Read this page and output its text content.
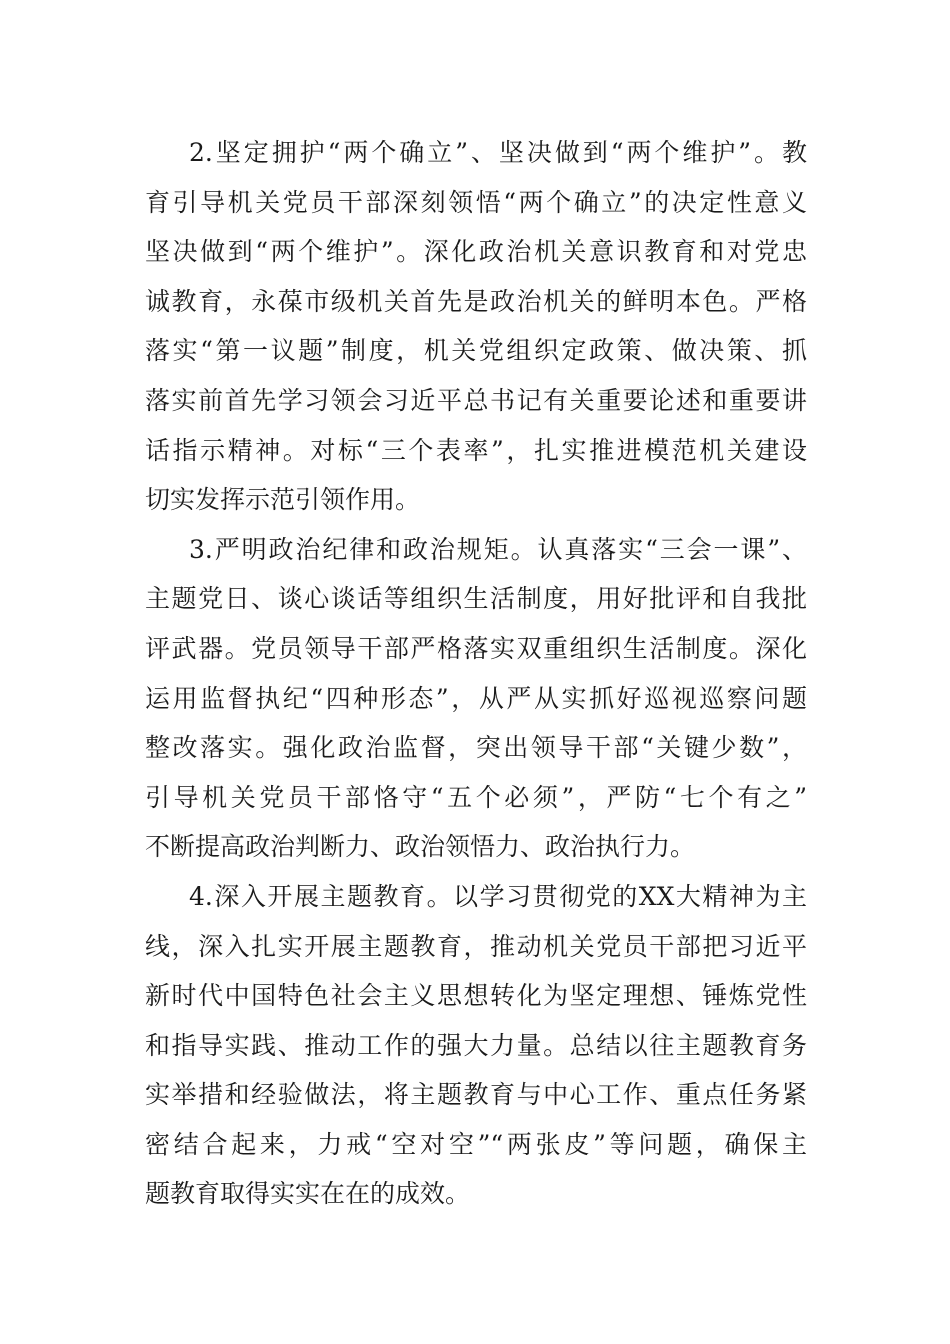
2.坚定拥护“两个确立”、坚决做到“两个维护”。教
育引导机关党员干部深刻领悟“两个确立”的决定性意义
坚决做到“两个维护”。深化政治机关意识教育和对党忠
诚教育，永葆市级机关首先是政治机关的鲜明本色。严格
落实“第一议题”制度，机关党组织定政策、做决策、抓
落实前首先学习领会习近平总书记有关重要论述和重要讲
话指示精神。对标“三个表率”，扎实推进模范机关建设
切实发挥示范引领作用。
3.严明政治纪律和政治规矩。认真落实“三会一课”、
主题党日、谈心谈话等组织生活制度，用好批评和自我批
评武器。党员领导干部严格落实双重组织生活制度。深化
运用监督执纪“四种形态”，从严从实抓好巡视巡察问题
整改落实。强化政治监督，突出领导干部“关键少数”，
引导机关党员干部恪守“五个必须”，严防“七个有之”
不断提高政治判断力、政治领悟力、政治执行力。
4.深入开展主题教育。以学习贯彻党的XX大精神为主
线，深入扎实开展主题教育，推动机关党员干部把习近平
新时代中国特色社会主义思想转化为坚定理想、锤炼党性
和指导实践、推动工作的强大力量。总结以往主题教育务
实举措和经验做法，将主题教育与中心工作、重点任务紧
密结合起来，力戒“空对空”“两张皮”等问题，确保主
题教育取得实实在在的成效。
